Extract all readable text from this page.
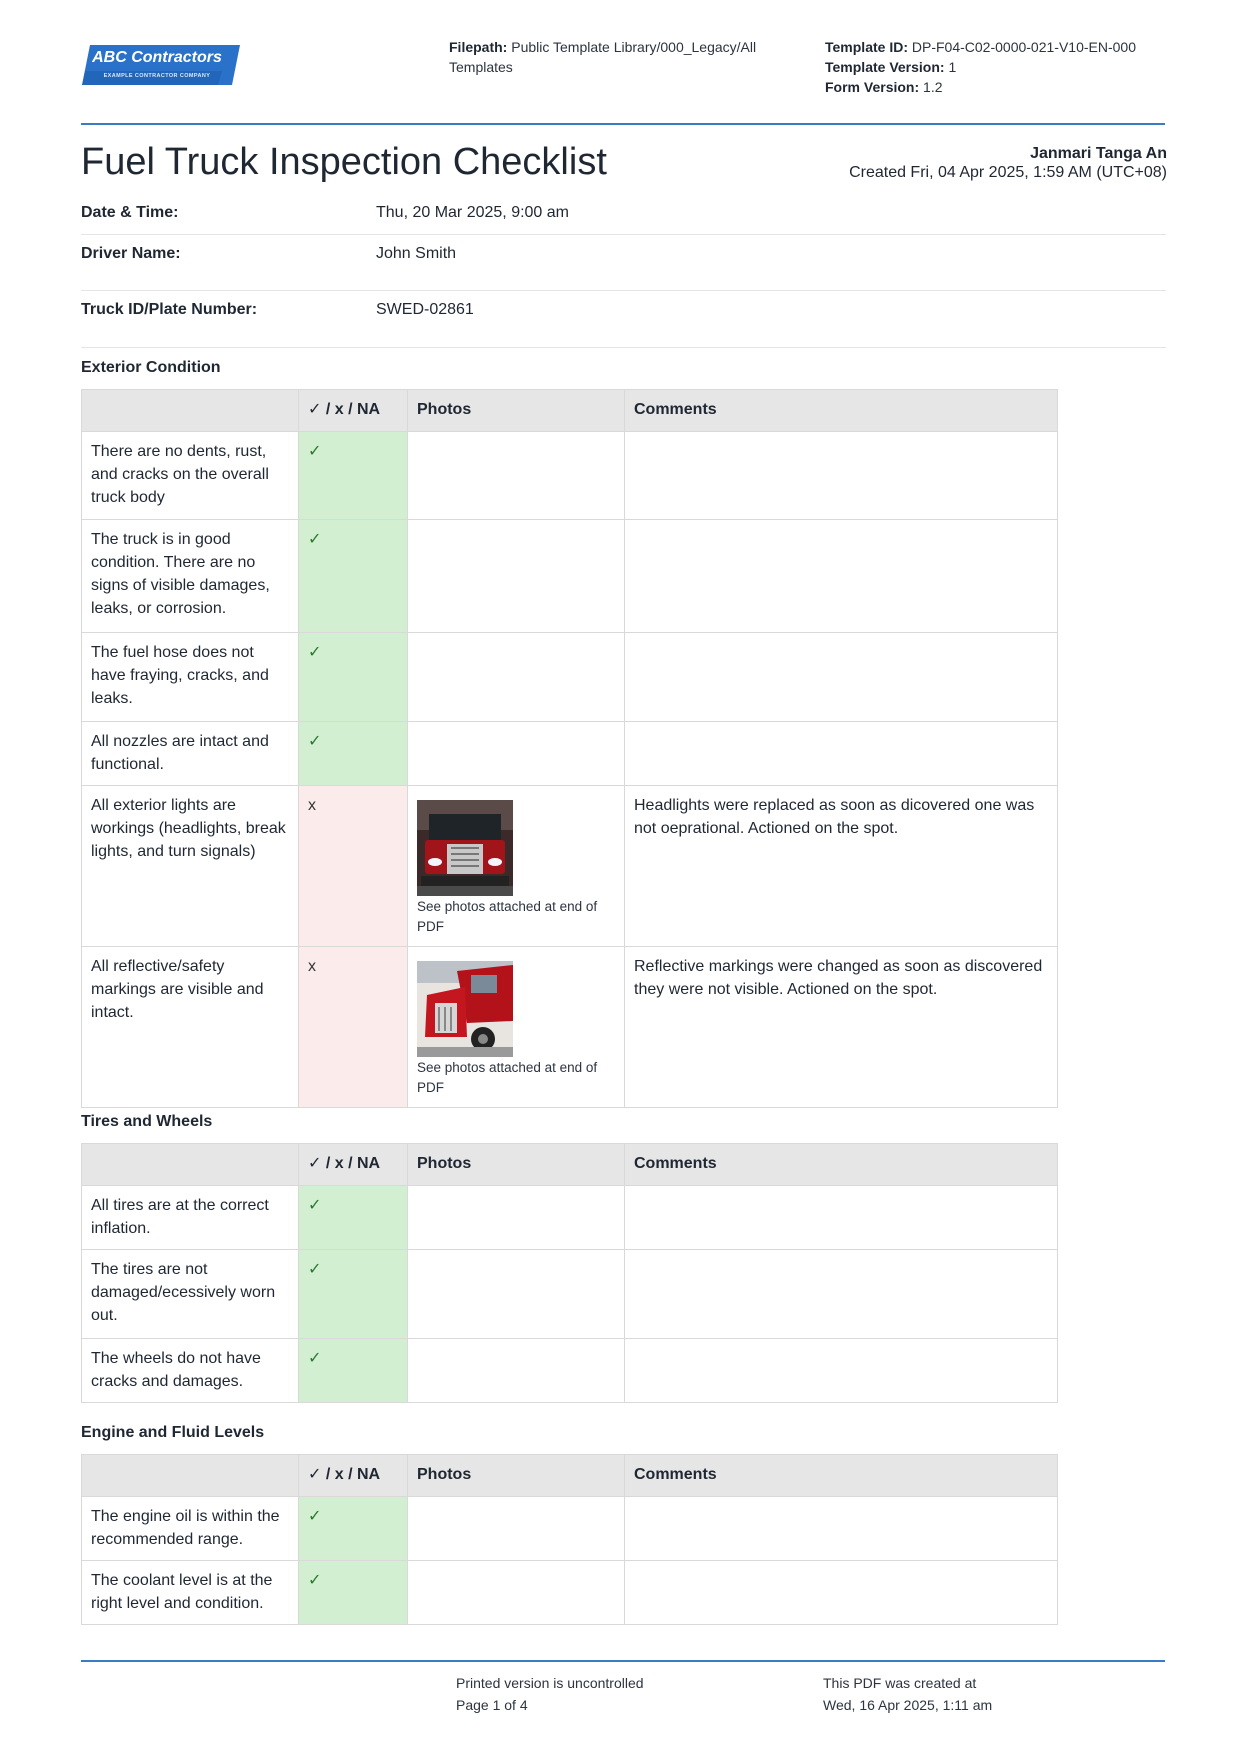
ABC Contractors
EXAMPLE CONTRACTOR COMPANY
Filepath: Public Template Library/000_Legacy/All Templates
Template ID: DP-F04-C02-0000-021-V10-EN-000
Template Version: 1
Form Version: 1.2
Fuel Truck Inspection Checklist	Janmari Tanga An
Created Fri, 04 Apr 2025, 1:59 AM (UTC+08)
Date & Time:	Thu, 20 Mar 2025, 9:00 am
Driver Name:	John Smith
Truck ID/Plate Number:	SWED-02861
Exterior Condition
	✓ / x / NA	Photos	Comments
There are no dents, rust, and cracks on the overall truck body	✓		
The truck is in good condition. There are no signs of visible damages, leaks, or corrosion.	✓		
The fuel hose does not have fraying, cracks, and leaks.	✓		
All nozzles are intact and functional.	✓		
All exterior lights are workings (headlights, break lights, and turn signals)	x	See photos attached at end of PDF	Headlights were replaced as soon as dicovered one was not oeprational. Actioned on the spot.
All reflective/safety markings are visible and intact.	x	See photos attached at end of PDF	Reflective markings were changed as soon as discovered they were not visible. Actioned on the spot.
Tires and Wheels
	✓ / x / NA	Photos	Comments
All tires are at the correct inflation.	✓		
The tires are not damaged/ecessively worn out.	✓		
The wheels do not have cracks and damages.	✓		
Engine and Fluid Levels
	✓ / x / NA	Photos	Comments
The engine oil is within the recommended range.	✓		
The coolant level is at the right level and condition.	✓		
Printed version is uncontrolled
Page 1 of 4
This PDF was created at
Wed, 16 Apr 2025, 1:11 am
